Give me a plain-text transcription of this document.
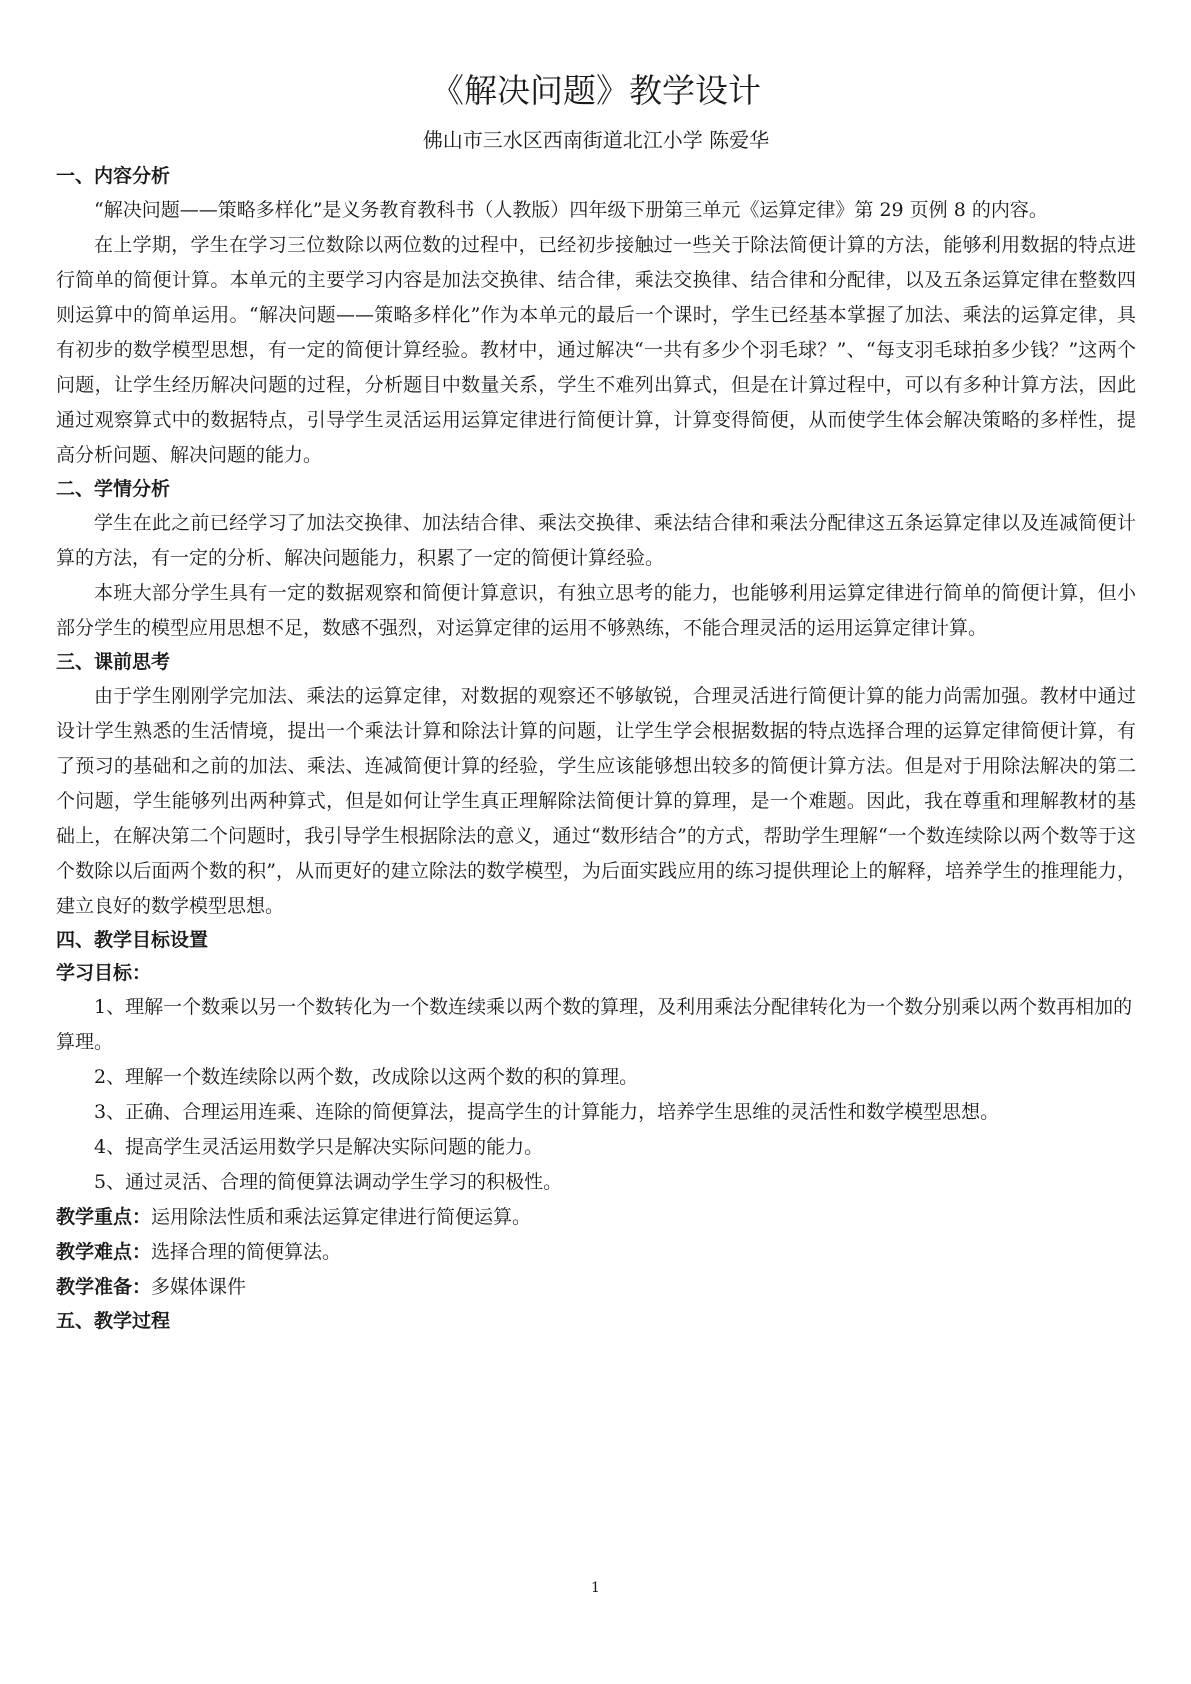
《解决问题》教学设计

佛山市三水区西南街道北江小学 陈爱华

一、内容分析

“解决问题——策略多样化”是义务教育教科书（人教版）四年级下册第三单元《运算定律》第 29 页例 8 的内容。

在上学期，学生在学习三位数除以两位数的过程中，已经初步接触过一些关于除法简便计算的方法，能够利用数据的特点进行简单的简便计算。本单元的主要学习内容是加法交换律、结合律，乘法交换律、结合律和分配律，以及五条运算定律在整数四则运算中的简单运用。“解决问题——策略多样化”作为本单元的最后一个课时，学生已经基本掌握了加法、乘法的运算定律，具有初步的数学模型思想，有一定的简便计算经验。教材中，通过解决“一共有多少个羽毛球？”、“每支羽毛球拍多少钱？”这两个问题，让学生经历解决问题的过程，分析题目中数量关系，学生不难列出算式，但是在计算过程中，可以有多种计算方法，因此通过观察算式中的数据特点，引导学生灵活运用运算定律进行简便计算，计算变得简便，从而使学生体会解决策略的多样性，提高分析问题、解决问题的能力。

二、学情分析

学生在此之前已经学习了加法交换律、加法结合律、乘法交换律、乘法结合律和乘法分配律这五条运算定律以及连减简便计算的方法，有一定的分析、解决问题能力，积累了一定的简便计算经验。

本班大部分学生具有一定的数据观察和简便计算意识，有独立思考的能力，也能够利用运算定律进行简单的简便计算，但小部分学生的模型应用思想不足，数感不强烈，对运算定律的运用不够熟练，不能合理灵活的运用运算定律计算。

三、课前思考

由于学生刚刚学完加法、乘法的运算定律，对数据的观察还不够敏锐，合理灵活进行简便计算的能力尚需加强。教材中通过设计学生熟悉的生活情境，提出一个乘法计算和除法计算的问题，让学生学会根据数据的特点选择合理的运算定律简便计算，有了预习的基础和之前的加法、乘法、连减简便计算的经验，学生应该能够想出较多的简便计算方法。但是对于用除法解决的第二个问题，学生能够列出两种算式，但是如何让学生真正理解除法简便计算的算理，是一个难题。因此，我在尊重和理解教材的基础上，在解决第二个问题时，我引导学生根据除法的意义，通过“数形结合”的方式，帮助学生理解“一个数连续除以两个数等于这个数除以后面两个数的积”，从而更好的建立除法的数学模型，为后面实践应用的练习提供理论上的解释，培养学生的推理能力，建立良好的数学模型思想。

四、教学目标设置

学习目标：

1、理解一个数乘以另一个数转化为一个数连续乘以两个数的算理，及利用乘法分配律转化为一个数分别乘以两个数再相加的算理。

2、理解一个数连续除以两个数，改成除以这两个数的积的算理。

3、正确、合理运用连乘、连除的简便算法，提高学生的计算能力，培养学生思维的灵活性和数学模型思想。

4、提高学生灵活运用数学只是解决实际问题的能力。

5、通过灵活、合理的简便算法调动学生学习的积极性。

教学重点：运用除法性质和乘法运算定律进行简便运算。

教学难点：选择合理的简便算法。

教学准备：多媒体课件

五、教学过程

1
